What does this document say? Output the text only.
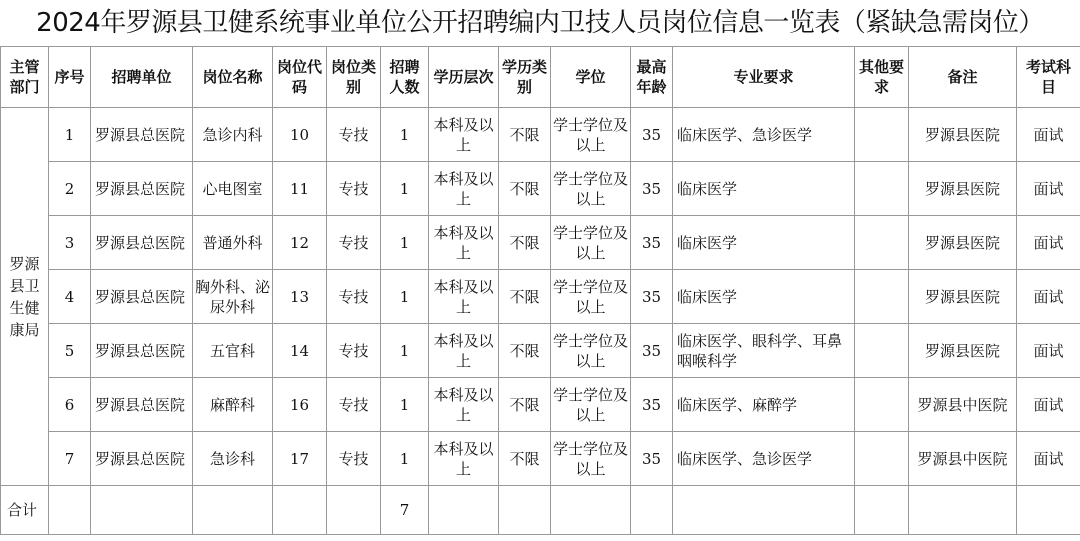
2024年罗源县卫健系统事业单位公开招聘编内卫技人员岗位信息一览表（紧缺急需岗位）
主管部门	序号	招聘单位	岗位名称	岗位代码	岗位类别	招聘人数	学历层次	学历类别	学位	最高年龄	专业要求	其他要求	备注	考试科目
罗源县卫生健康局	1	罗源县总医院	急诊内科	10	专技	1	本科及以上	不限	学士学位及以上	35	临床医学、急诊医学		罗源县医院	面试
	2	罗源县总医院	心电图室	11	专技	1	本科及以上	不限	学士学位及以上	35	临床医学		罗源县医院	面试
	3	罗源县总医院	普通外科	12	专技	1	本科及以上	不限	学士学位及以上	35	临床医学		罗源县医院	面试
	4	罗源县总医院	胸外科、泌尿外科	13	专技	1	本科及以上	不限	学士学位及以上	35	临床医学		罗源县医院	面试
	5	罗源县总医院	五官科	14	专技	1	本科及以上	不限	学士学位及以上	35	临床医学、眼科学、耳鼻咽喉科学		罗源县医院	面试
	6	罗源县总医院	麻醉科	16	专技	1	本科及以上	不限	学士学位及以上	35	临床医学、麻醉学		罗源县中医院	面试
	7	罗源县总医院	急诊科	17	专技	1	本科及以上	不限	学士学位及以上	35	临床医学、急诊医学		罗源县中医院	面试
合计						7								
